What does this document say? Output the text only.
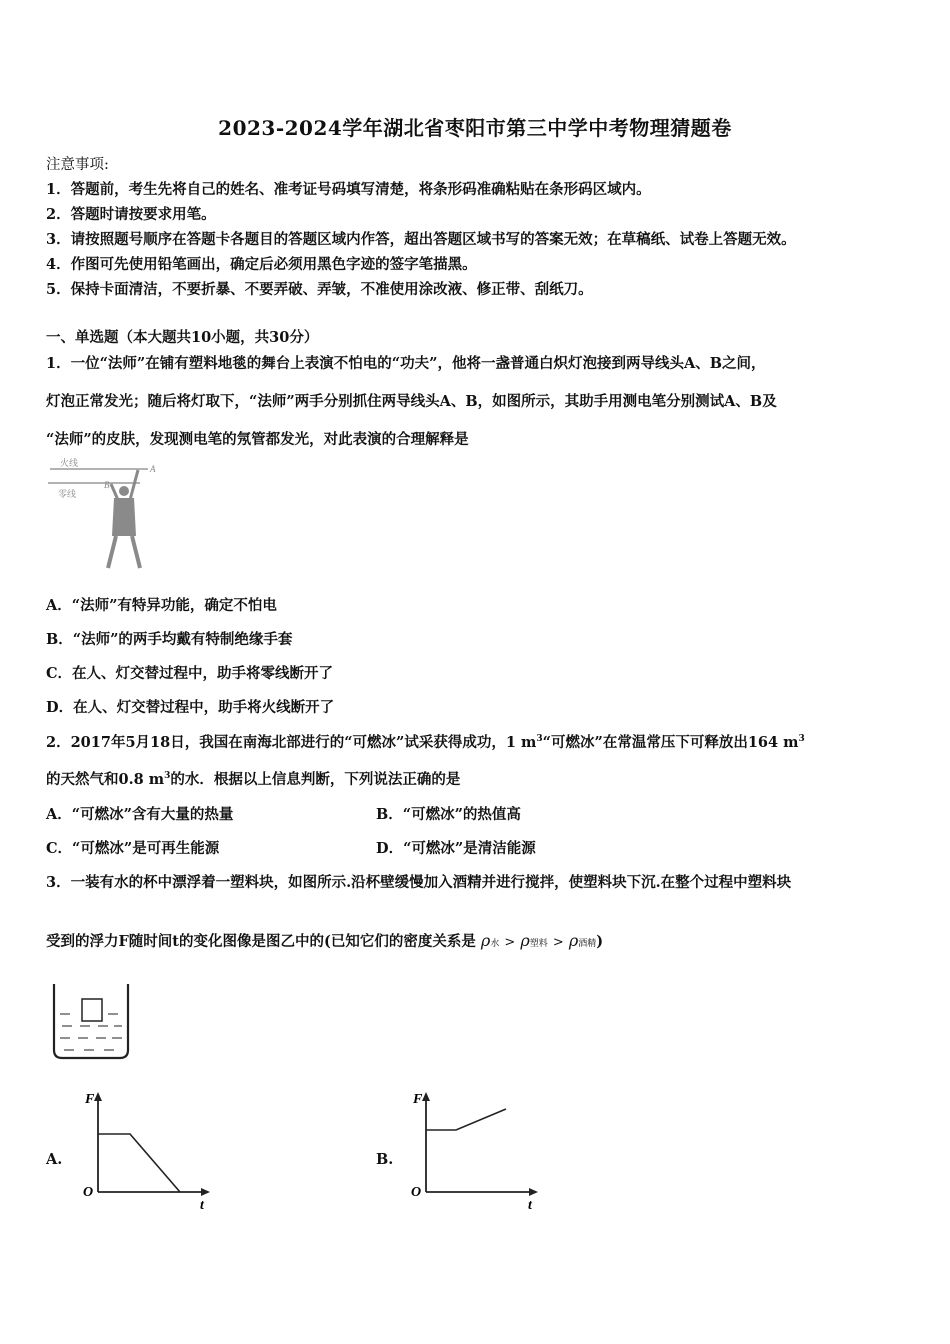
2023-2024学年湖北省枣阳市第三中学中考物理猜题卷
注意事项:
1．答题前，考生先将自己的姓名、准考证号码填写清楚，将条形码准确粘贴在条形码区域内。
2．答题时请按要求用笔。
3．请按照题号顺序在答题卡各题目的答题区域内作答，超出答题区域书写的答案无效；在草稿纸、试卷上答题无效。
4．作图可先使用铅笔画出，确定后必须用黑色字迹的签字笔描黑。
5．保持卡面清洁，不要折暴、不要弄破、弄皱，不准使用涂改液、修正带、刮纸刀。
一、单选题（本大题共10小题，共30分）
1．一位“法师”在铺有塑料地毯的舞台上表演不怕电的“功夫”，他将一盏普通白炽灯泡接到两导线头A、B之间，
灯泡正常发光；随后将灯取下，“法师”两手分别抓住两导线头A、B，如图所示，其助手用测电笔分别测试A、B及
“法师”的皮肤，发现测电笔的氖管都发光，对此表演的合理解释是
火线
零线
A
B
A．“法师”有特异功能，确定不怕电
B．“法师”的两手均戴有特制绝缘手套
C．在人、灯交替过程中，助手将零线断开了
D．在人、灯交替过程中，助手将火线断开了
2．2017年5月18日，我国在南海北部进行的“可燃冰”试采获得成功，1 $m^3“$可燃冰”在常温常压下可释放出164 $m^3$
的天然气和0.8 $m^3$的水．根据以上信息判断，下列说法正确的是
A．“可燃冰”含有大量的热量	B．“可燃冰”的热值高
C．“可燃冰”是可再生能源	D．“可燃冰”是清洁能源
3．一装有水的杯中漂浮着一塑料块，如图所示.沿杯壁缓慢加入酒精并进行搅拌，使塑料块下沉.在整个过程中塑料块
受到的浮力F随时间t的变化图像是图乙中的(已知它们的密度关系是 ρ水 > ρ塑料 > ρ酒精)
A.
F
t
O
B.
F
t
O
